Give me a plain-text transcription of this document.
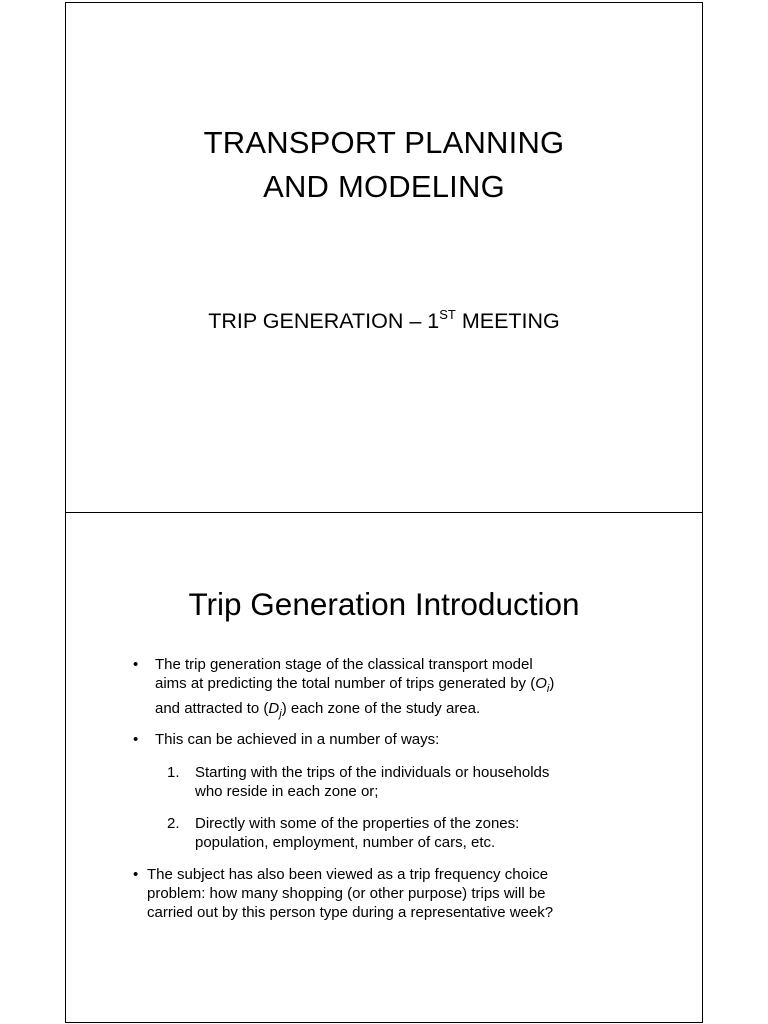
TRANSPORT PLANNING
AND MODELING
TRIP GENERATION – 1ST MEETING
Trip Generation Introduction
• The trip generation stage of the classical transport model
aims at predicting the total number of trips generated by $(O_i)$
and attracted to $(D_j)$ each zone of the study area.
• This can be achieved in a number of ways:
1. Starting with the trips of the individuals or households
who reside in each zone or;
2. Directly with some of the properties of the zones:
population, employment, number of cars, etc.
• The subject has also been viewed as a trip frequency choice
problem: how many shopping (or other purpose) trips will be
carried out by this person type during a representative week?
